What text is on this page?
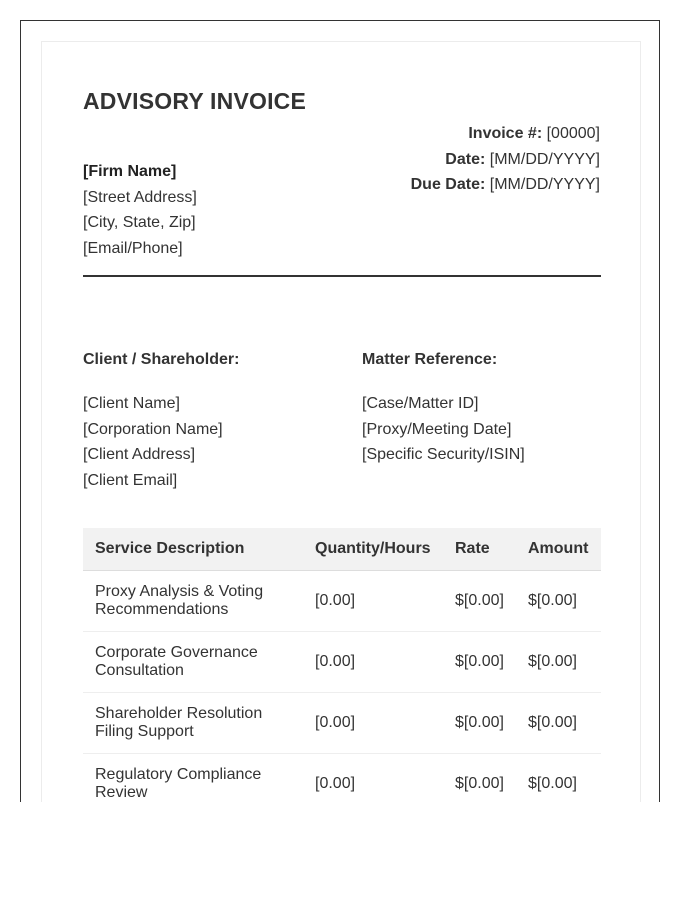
ADVISORY INVOICE
[Firm Name]
[Street Address]
[City, State, Zip]
[Email/Phone]
Invoice #: [00000]
Date: [MM/DD/YYYY]
Due Date: [MM/DD/YYYY]
Client / Shareholder:
[Client Name]
[Corporation Name]
[Client Address]
[Client Email]
Matter Reference:
[Case/Matter ID]
[Proxy/Meeting Date]
[Specific Security/ISIN]
Service Description	Quantity/Hours	Rate	Amount
Proxy Analysis & Voting Recommendations	[0.00]	$[0.00]	$[0.00]
Corporate Governance Consultation	[0.00]	$[0.00]	$[0.00]
Shareholder Resolution Filing Support	[0.00]	$[0.00]	$[0.00]
Regulatory Compliance Review	[0.00]	$[0.00]	$[0.00]
